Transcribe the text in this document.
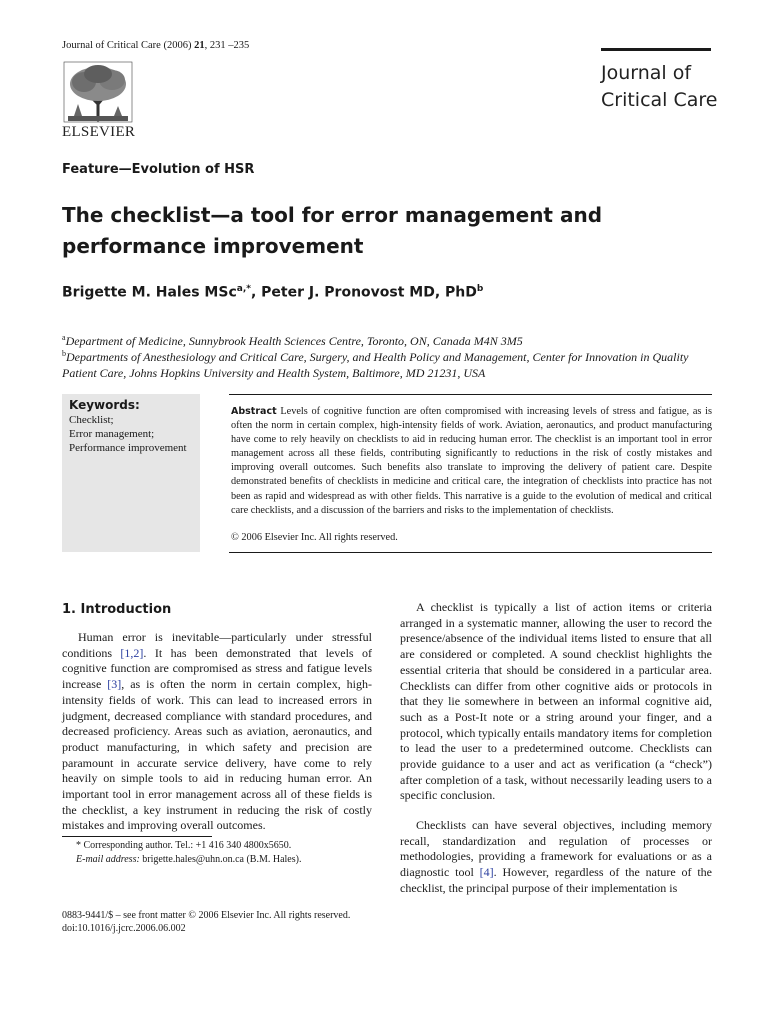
Journal of Critical Care (2006) 21, 231 –235
ELSEVIER
Journal of Critical Care
Feature—Evolution of HSR
The checklist—a tool for error management and performance improvement
Brigette M. Hales MSc$^{a,*}$, Peter J. Pronovost MD, PhD$^b$
$^a$Department of Medicine, Sunnybrook Health Sciences Centre, Toronto, ON, Canada M4N 3M5
$^b$Departments of Anesthesiology and Critical Care, Surgery, and Health Policy and Management, Center for Innovation in Quality Patient Care, Johns Hopkins University and Health System, Baltimore, MD 21231, USA
Keywords:
Checklist;
Error management;
Performance improvement

Abstract Levels of cognitive function are often compromised with increasing levels of stress and fatigue, as is often the norm in certain complex, high-intensity fields of work. Aviation, aeronautics, and product manufacturing have come to rely heavily on checklists to aid in reducing human error. The checklist is an important tool in error management across all these fields, contributing significantly to reductions in the risk of costly mistakes and improving overall outcomes. Such benefits also translate to improving the delivery of patient care. Despite demonstrated benefits of checklists in medicine and critical care, the integration of checklists into practice has not been as rapid and widespread as with other fields. This narrative is a guide to the evolution of medical and critical care checklists, and a discussion of the barriers and risks to the implementation of checklists.

© 2006 Elsevier Inc. All rights reserved.
1. Introduction

Human error is inevitable—particularly under stressful conditions [1,2]. It has been demonstrated that levels of cognitive function are compromised as stress and fatigue levels increase [3], as is often the norm in certain complex, high-intensity fields of work. This can lead to increased errors in judgment, decreased compliance with standard procedures, and decreased proficiency. Areas such as aviation, aeronautics, and product manufacturing, in which safety and precision are paramount in accurate service delivery, have come to rely heavily on simple tools to aid in reducing human error. An important tool in error management across all of these fields is the checklist, a key instrument in reducing the risk of costly mistakes and improving overall outcomes.

A checklist is typically a list of action items or criteria arranged in a systematic manner, allowing the user to record the presence/absence of the individual items listed to ensure that all are considered or completed. A sound checklist highlights the essential criteria that should be considered in a particular area. Checklists can differ from other cognitive aids or protocols in that they lie somewhere in between an informal cognitive aid, such as a Post-It note or a string around your finger, and a protocol, which typically entails mandatory items for completion to lead the user to a predetermined outcome. Checklists can provide guidance to a user and act as verification (a “check”) after completion of a task, without necessarily leading users to a specific conclusion.

Checklists can have several objectives, including memory recall, standardization and regulation of processes or methodologies, providing a framework for evaluations or as a diagnostic tool [4]. However, regardless of the nature of the checklist, the principal purpose of their implementation is

* Corresponding author. Tel.: +1 416 340 4800x5650.
E-mail address: brigette.hales@uhn.on.ca (B.M. Hales).
0883-9441/$ – see front matter © 2006 Elsevier Inc. All rights reserved.
doi:10.1016/j.jcrc.2006.06.002
